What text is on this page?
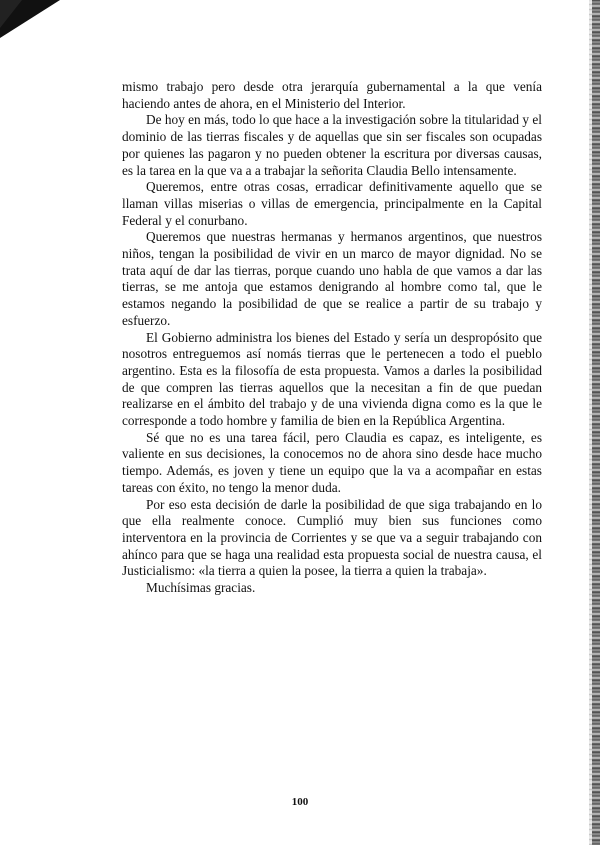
mismo trabajo pero desde otra jerarquía gubernamental a la que venía haciendo antes de ahora, en el Ministerio del Interior.

De hoy en más, todo lo que hace a la investigación sobre la titularidad y el dominio de las tierras fiscales y de aquellas que sin ser fiscales son ocupadas por quienes las pagaron y no pueden obtener la escritura por diversas causas, es la tarea en la que va a a trabajar la señorita Claudia Bello intensamente.

Queremos, entre otras cosas, erradicar definitivamente aquello que se llaman villas miserias o villas de emergencia, principalmente en la Capital Federal y el conurbano.

Queremos que nuestras hermanas y hermanos argentinos, que nuestros niños, tengan la posibilidad de vivir en un marco de mayor dignidad. No se trata aquí de dar las tierras, porque cuando uno habla de que vamos a dar las tierras, se me antoja que estamos denigrando al hombre como tal, que le estamos negando la posibilidad de que se realice a partir de su trabajo y esfuerzo.

El Gobierno administra los bienes del Estado y sería un despropósito que nosotros entreguemos así nomás tierras que le pertenecen a todo el pueblo argentino. Esta es la filosofía de esta propuesta. Vamos a darles la posibilidad de que compren las tierras aquellos que la necesitan a fin de que puedan realizarse en el ámbito del trabajo y de una vivienda digna como es la que le corresponde a todo hombre y familia de bien en la República Argentina.

Sé que no es una tarea fácil, pero Claudia es capaz, es inteligente, es valiente en sus decisiones, la conocemos no de ahora sino desde hace mucho tiempo. Además, es joven y tiene un equipo que la va a acompañar en estas tareas con éxito, no tengo la menor duda.

Por eso esta decisión de darle la posibilidad de que siga trabajando en lo que ella realmente conoce. Cumplió muy bien sus funciones como interventora en la provincia de Corrientes y se que va a seguir trabajando con ahínco para que se haga una realidad esta propuesta social de nuestra causa, el Justicialismo: «la tierra a quien la posee, la tierra a quien la trabaja».

Muchísimas gracias.

100
